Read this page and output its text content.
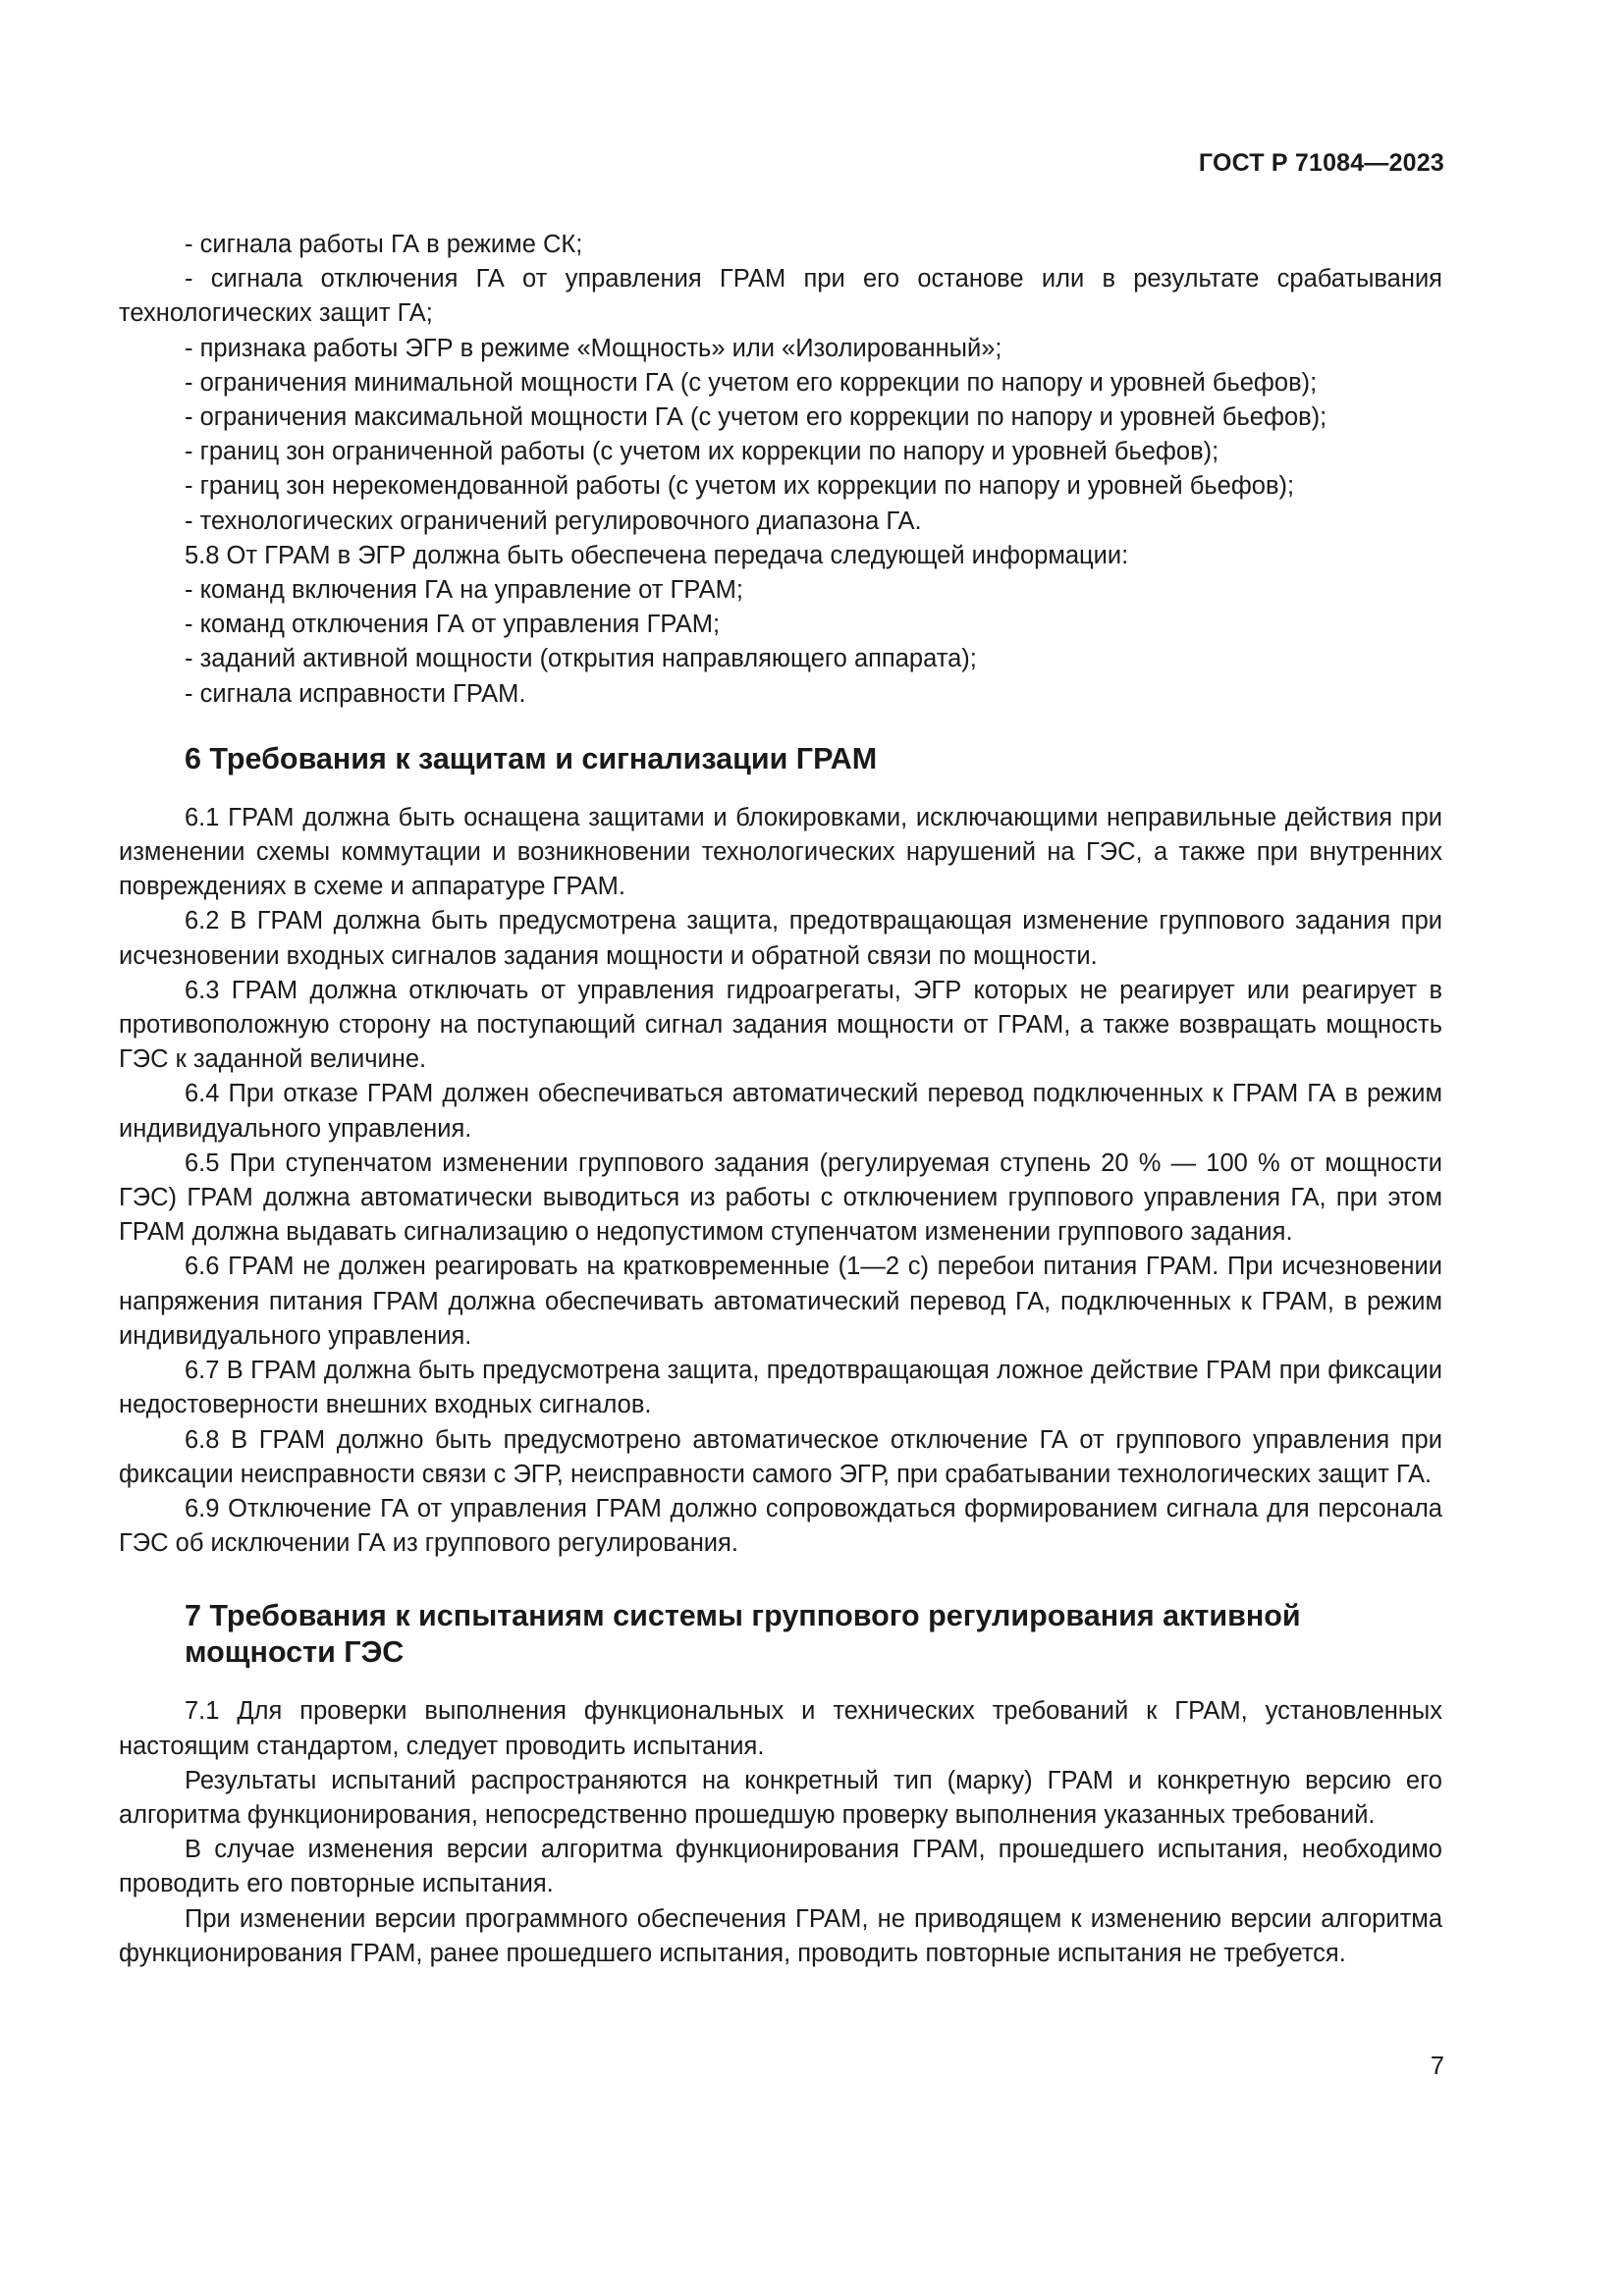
ГОСТ Р 71084—2023

- сигнала работы ГА в режиме СК;

- сигнала отключения ГА от управления ГРАМ при его останове или в результате срабатывания технологических защит ГА;

- признака работы ЭГР в режиме «Мощность» или «Изолированный»;

- ограничения минимальной мощности ГА (с учетом его коррекции по напору и уровней бьефов);

- ограничения максимальной мощности ГА (с учетом его коррекции по напору и уровней бьефов);

- границ зон ограниченной работы (с учетом их коррекции по напору и уровней бьефов);

- границ зон нерекомендованной работы (с учетом их коррекции по напору и уровней бьефов);

- технологических ограничений регулировочного диапазона ГА.

5.8 От ГРАМ в ЭГР должна быть обеспечена передача следующей информации:

- команд включения ГА на управление от ГРАМ;

- команд отключения ГА от управления ГРАМ;

- заданий активной мощности (открытия направляющего аппарата);

- сигнала исправности ГРАМ.

6 Требования к защитам и сигнализации ГРАМ

6.1 ГРАМ должна быть оснащена защитами и блокировками, исключающими неправильные действия при изменении схемы коммутации и возникновении технологических нарушений на ГЭС, а также при внутренних повреждениях в схеме и аппаратуре ГРАМ.

6.2 В ГРАМ должна быть предусмотрена защита, предотвращающая изменение группового задания при исчезновении входных сигналов задания мощности и обратной связи по мощности.

6.3 ГРАМ должна отключать от управления гидроагрегаты, ЭГР которых не реагирует или реагирует в противоположную сторону на поступающий сигнал задания мощности от ГРАМ, а также возвращать мощность ГЭС к заданной величине.

6.4 При отказе ГРАМ должен обеспечиваться автоматический перевод подключенных к ГРАМ ГА в режим индивидуального управления.

6.5 При ступенчатом изменении группового задания (регулируемая ступень 20 % — 100 % от мощности ГЭС) ГРАМ должна автоматически выводиться из работы с отключением группового управления ГА, при этом ГРАМ должна выдавать сигнализацию о недопустимом ступенчатом изменении группового задания.

6.6 ГРАМ не должен реагировать на кратковременные (1—2 с) перебои питания ГРАМ. При исчезновении напряжения питания ГРАМ должна обеспечивать автоматический перевод ГА, подключенных к ГРАМ, в режим индивидуального управления.

6.7 В ГРАМ должна быть предусмотрена защита, предотвращающая ложное действие ГРАМ при фиксации недостоверности внешних входных сигналов.

6.8 В ГРАМ должно быть предусмотрено автоматическое отключение ГА от группового управления при фиксации неисправности связи с ЭГР, неисправности самого ЭГР, при срабатывании технологических защит ГА.

6.9 Отключение ГА от управления ГРАМ должно сопровождаться формированием сигнала для персонала ГЭС об исключении ГА из группового регулирования.

7 Требования к испытаниям системы группового регулирования активной мощности ГЭС

7.1 Для проверки выполнения функциональных и технических требований к ГРАМ, установленных настоящим стандартом, следует проводить испытания.

Результаты испытаний распространяются на конкретный тип (марку) ГРАМ и конкретную версию его алгоритма функционирования, непосредственно прошедшую проверку выполнения указанных требований.

В случае изменения версии алгоритма функционирования ГРАМ, прошедшего испытания, необходимо проводить его повторные испытания.

При изменении версии программного обеспечения ГРАМ, не приводящем к изменению версии алгоритма функционирования ГРАМ, ранее прошедшего испытания, проводить повторные испытания не требуется.

7
